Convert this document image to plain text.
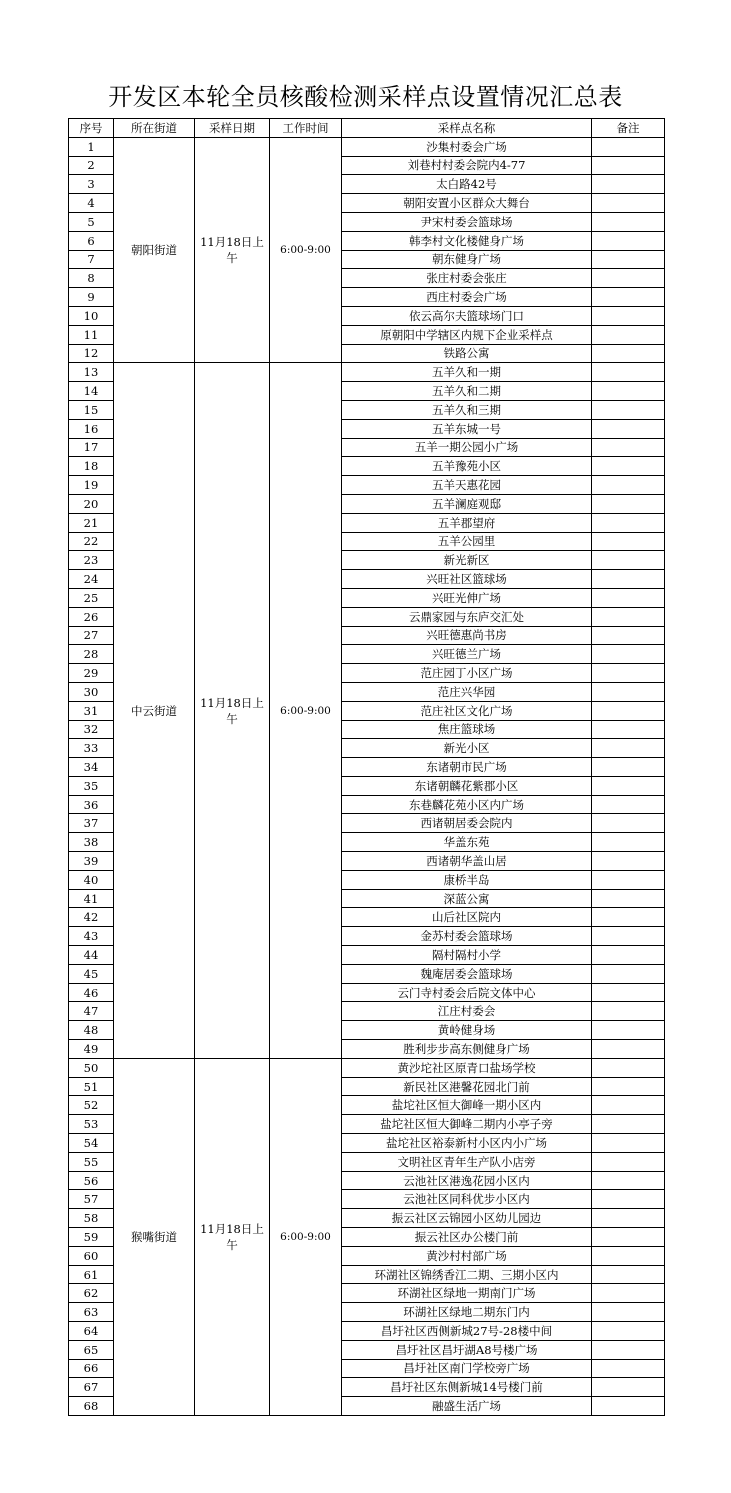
开发区本轮全员核酸检测采样点设置情况汇总表
序号	所在街道	采样日期	工作时间	采样点名称	备注
1	朝阳街道	11月18日上午	6:00-9:00	沙集村委会广场	
2				刘巷村村委会院内4-77	
3				太白路42号	
4				朝阳安置小区群众大舞台	
5				尹宋村委会篮球场	
6				韩李村文化楼健身广场	
7				朝东健身广场	
8				张庄村委会张庄	
9				西庄村委会广场	
10				依云高尔夫篮球场门口	
11				原朝阳中学辖区内规下企业采样点	
12				铁路公寓	
13	中云街道	11月18日上午	6:00-9:00	五羊久和一期	
14				五羊久和二期	
15				五羊久和三期	
16				五羊东城一号	
17				五羊一期公园小广场	
18				五羊豫苑小区	
19				五羊天惠花园	
20				五羊澜庭观邸	
21				五羊郡望府	
22				五羊公园里	
23				新光新区	
24				兴旺社区篮球场	
25				兴旺光伸广场	
26				云鼎家园与东庐交汇处	
27				兴旺德惠尚书房	
28				兴旺德兰广场	
29				范庄园丁小区广场	
30				范庄兴华园	
31				范庄社区文化广场	
32				焦庄篮球场	
33				新光小区	
34				东诸朝市民广场	
35				东诸朝麟花紫郡小区	
36				东巷麟花苑小区内广场	
37				西诸朝居委会院内	
38				华盖东苑	
39				西诸朝华盖山居	
40				康桥半岛	
41				深蓝公寓	
42				山后社区院内	
43				金苏村委会篮球场	
44				隔村隔村小学	
45				魏庵居委会篮球场	
46				云门寺村委会后院文体中心	
47				江庄村委会	
48				黄岭健身场	
49				胜利步步高东侧健身广场	
50	猴嘴街道	11月18日上午	6:00-9:00	黄沙坨社区原青口盐场学校	
51				新民社区港馨花园北门前	
52				盐坨社区恒大御峰一期小区内	
53				盐坨社区恒大御峰二期内小亭子旁	
54				盐坨社区裕泰新村小区内小广场	
55				文明社区青年生产队小店旁	
56				云池社区港逸花园小区内	
57				云池社区同科优步小区内	
58				振云社区云锦园小区幼儿园边	
59				振云社区办公楼门前	
60				黄沙村村部广场	
61				环湖社区锦绣香江二期、三期小区内	
62				环湖社区绿地一期南门广场	
63				环湖社区绿地二期东门内	
64				昌圩社区西侧新城27号-28楼中间	
65				昌圩社区昌圩湖A8号楼广场	
66				昌圩社区南门学校旁广场	
67				昌圩社区东侧新城14号楼门前	
68				融盛生活广场	
